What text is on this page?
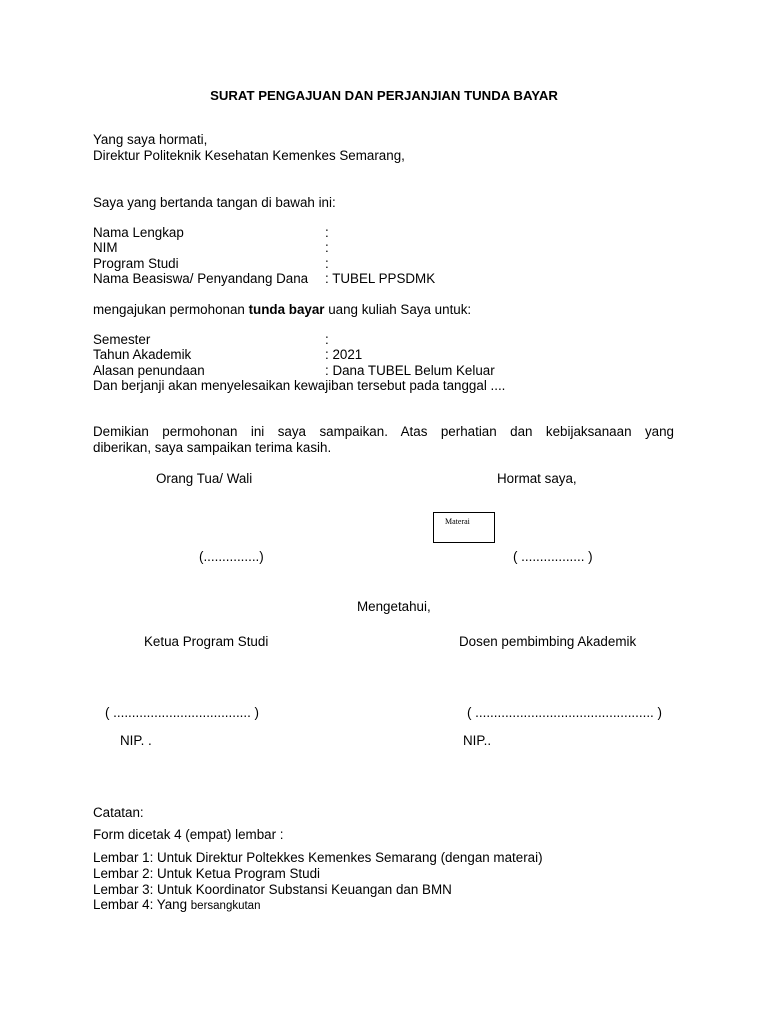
SURAT PENGAJUAN DAN PERJANJIAN TUNDA BAYAR
Yang saya hormati,
Direktur Politeknik Kesehatan Kemenkes Semarang,
Saya yang bertanda tangan di bawah ini:
Nama Lengkap	:
NIM	:
Program Studi	:
Nama Beasiswa/ Penyandang Dana : TUBEL PPSDMK
mengajukan permohonan tunda bayar uang kuliah Saya untuk:
Semester	:
Tahun Akademik	: 2021
Alasan penundaan	: Dana TUBEL Belum Keluar
Dan berjanji akan menyelesaikan kewajiban tersebut pada tanggal ....
Demikian permohonan ini saya sampaikan. Atas perhatian dan kebijaksanaan yang
diberikan, saya sampaikan terima kasih.
Orang Tua/ Wali	Hormat saya,
Materai
(...............)	( ................. )
Mengetahui,
Ketua Program Studi	Dosen pembimbing Akademik
( ..................................... )	( ................................................ )
NIP. .	NIP..
Catatan:
Form dicetak 4 (empat) lembar :
Lembar 1: Untuk Direktur Poltekkes Kemenkes Semarang (dengan materai)
Lembar 2: Untuk Ketua Program Studi
Lembar 3: Untuk Koordinator Substansi Keuangan dan BMN
Lembar 4: Yang bersangkutan
